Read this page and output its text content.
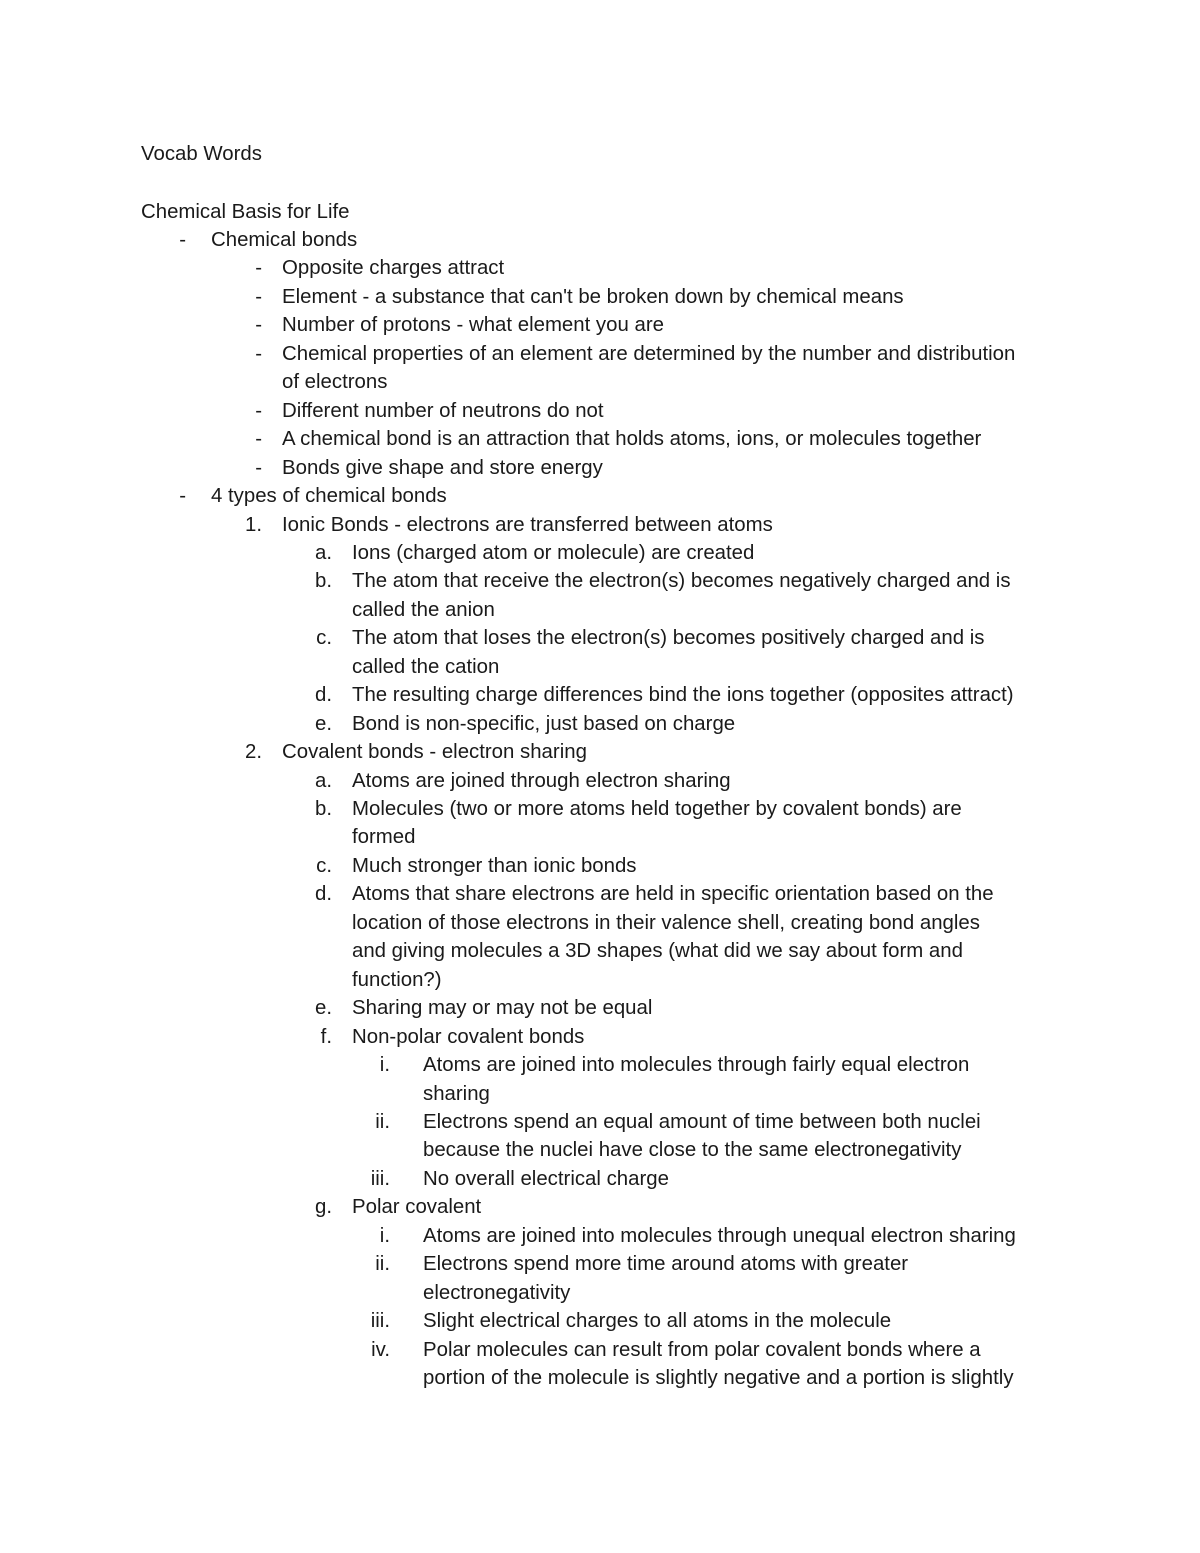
Vocab Words
Chemical Basis for Life
- Chemical bonds
- Opposite charges attract
- Element - a substance that can't be broken down by chemical means
- Number of protons - what element you are
- Chemical properties of an element are determined by the number and distribution
of electrons
- Different number of neutrons do not
- A chemical bond is an attraction that holds atoms, ions, or molecules together
- Bonds give shape and store energy
- 4 types of chemical bonds
1. Ionic Bonds - electrons are transferred between atoms
a. Ions (charged atom or molecule) are created
b. The atom that receive the electron(s) becomes negatively charged and is
called the anion
c. The atom that loses the electron(s) becomes positively charged and is
called the cation
d. The resulting charge differences bind the ions together (opposites attract)
e. Bond is non-specific, just based on charge
2. Covalent bonds - electron sharing
a. Atoms are joined through electron sharing
b. Molecules (two or more atoms held together by covalent bonds) are
formed
c. Much stronger than ionic bonds
d. Atoms that share electrons are held in specific orientation based on the
location of those electrons in their valence shell, creating bond angles
and giving molecules a 3D shapes (what did we say about form and
function?)
e. Sharing may or may not be equal
f. Non-polar covalent bonds
i. Atoms are joined into molecules through fairly equal electron
sharing
ii. Electrons spend an equal amount of time between both nuclei
because the nuclei have close to the same electronegativity
iii. No overall electrical charge
g. Polar covalent
i. Atoms are joined into molecules through unequal electron sharing
ii. Electrons spend more time around atoms with greater
electronegativity
iii. Slight electrical charges to all atoms in the molecule
iv. Polar molecules can result from polar covalent bonds where a
portion of the molecule is slightly negative and a portion is slightly
